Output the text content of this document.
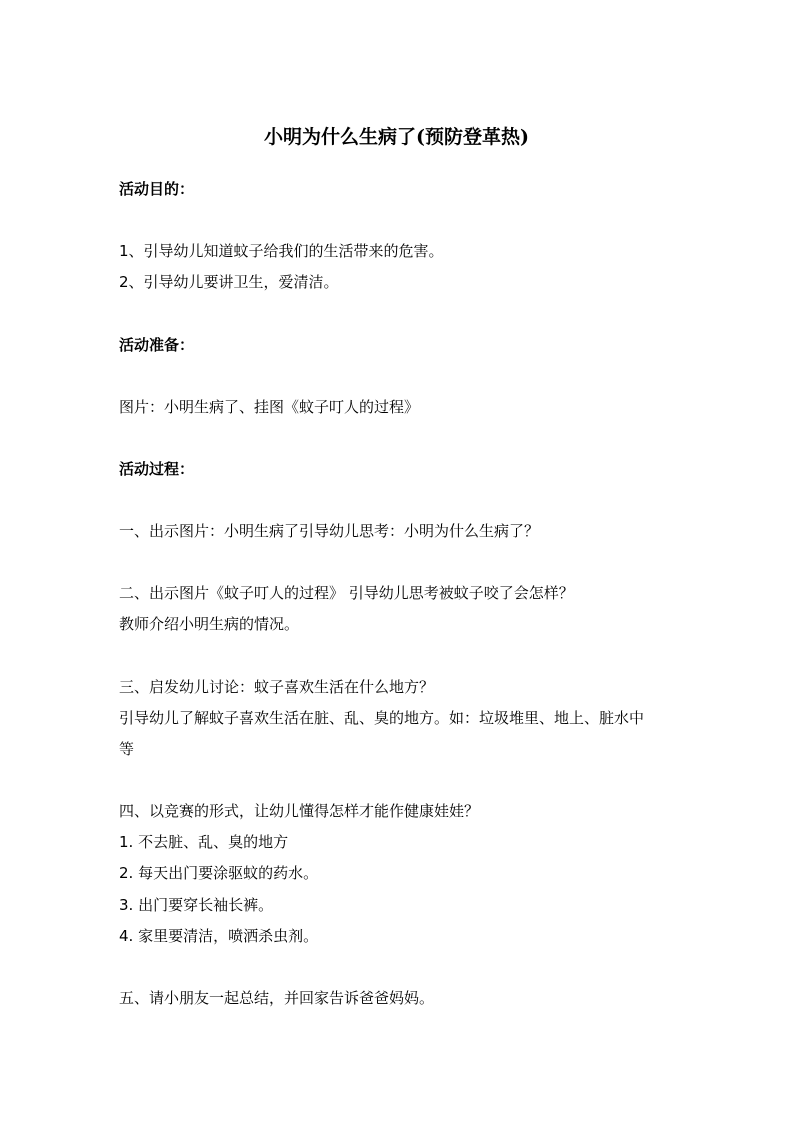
小明为什么生病了(预防登革热)
活动目的：
1、引导幼儿知道蚊子给我们的生活带来的危害。
2、引导幼儿要讲卫生，爱清洁。
活动准备：
图片：小明生病了、挂图《蚊子叮人的过程》
活动过程：
一、出示图片：小明生病了引导幼儿思考：小明为什么生病了？
二、出示图片《蚊子叮人的过程》 引导幼儿思考被蚊子咬了会怎样？
教师介绍小明生病的情况。
三、启发幼儿讨论：蚊子喜欢生活在什么地方？
引导幼儿了解蚊子喜欢生活在脏、乱、臭的地方。如：垃圾堆里、地上、脏水中
等
四、以竞赛的形式，让幼儿懂得怎样才能作健康娃娃？
1. 不去脏、乱、臭的地方
2. 每天出门要涂驱蚊的药水。
3. 出门要穿长袖长裤。
4. 家里要清洁，喷洒杀虫剂。
五、请小朋友一起总结，并回家告诉爸爸妈妈。
